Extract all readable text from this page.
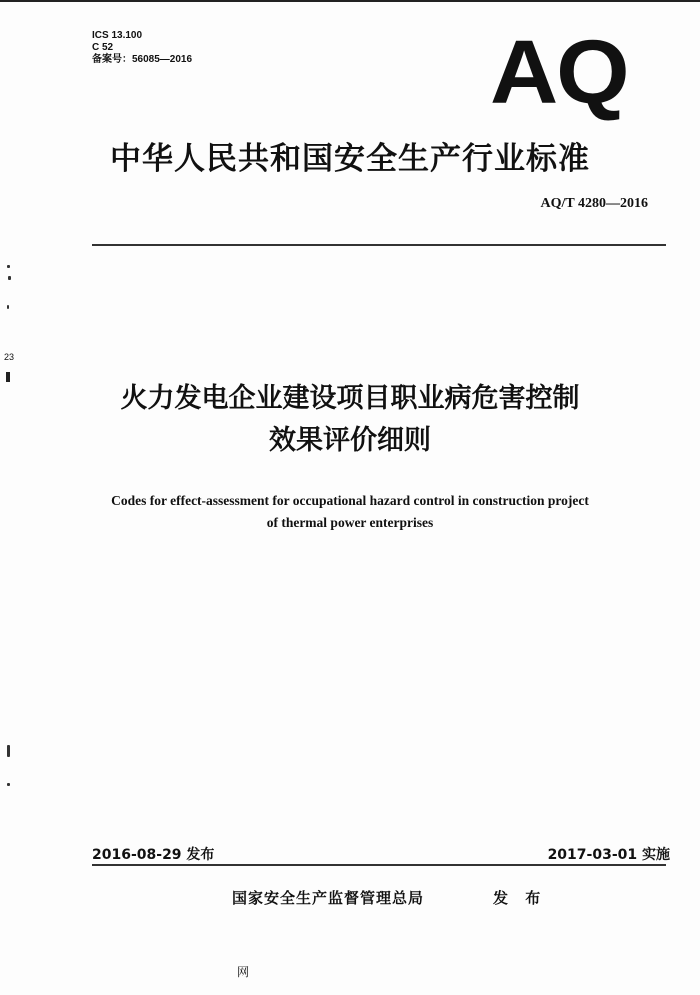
ICS 13.100
C 52
备案号：56085—2016	AQ
中华人民共和国安全生产行业标准
AQ/T 4280—2016
火力发电企业建设项目职业病危害控制
效果评价细则
Codes for effect-assessment for occupational hazard control in construction project
of thermal power enterprises
2016-08-29 发布	2017-03-01 实施
国家安全生产监督管理总局	发 布
网
23
